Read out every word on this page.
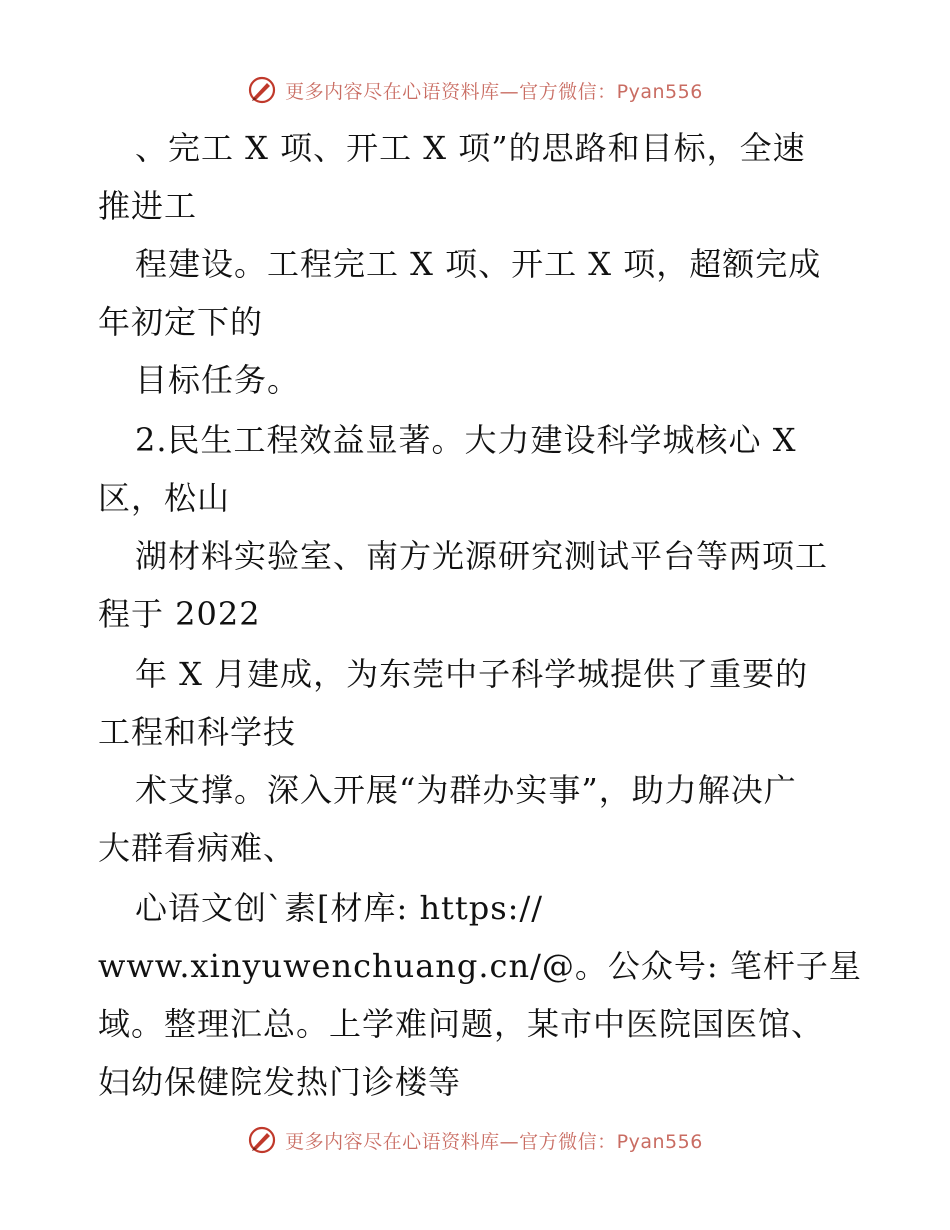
更多内容尽在心语资料库—官方微信：Pyan556
、完工 X 项、开工 X 项”的思路和目标，全速
推进工
程建设。工程完工 X 项、开工 X 项，超额完成
年初定下的
目标任务。
2.民生工程效益显著。大力建设科学城核心 X
区，松山
湖材料实验室、南方光源研究测试平台等两项工
程于 2022
年 X 月建成，为东莞中子科学城提供了重要的
工程和科学技
术支撑。深入开展“为群办实事”，助力解决广
大群看病难、
心语文创`素[材库: https://
www.xinyuwenchuang.cn/@。公众号: 笔杆子星
域。整理汇总。上学难问题，某市中医院国医馆、
妇幼保健院发热门诊楼等
更多内容尽在心语资料库—官方微信：Pyan556
